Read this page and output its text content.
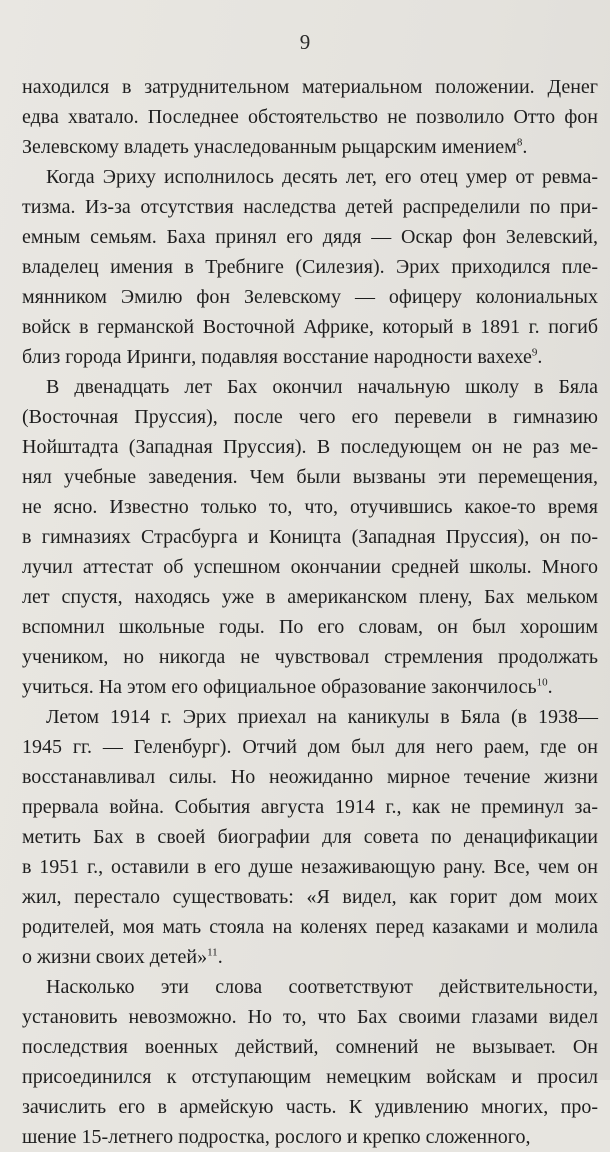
9
находился в затруднительном материальном положении. Денег
едва хватало. Последнее обстоятельство не позволило Отто фон
Зелевскому владеть унаследованным рыцарским имением$^8$.
Когда Эриху исполнилось десять лет, его отец умер от ревма-
тизма. Из-за отсутствия наследства детей распределили по при-
емным семьям. Баха принял его дядя — Оскар фон Зелевский,
владелец имения в Требниге (Силезия). Эрих приходился пле-
мянником Эмилю фон Зелевскому — офицеру колониальных
войск в германской Восточной Африке, который в 1891 г. погиб
близ города Иринги, подавляя восстание народности вахехе$^9$.
В двенадцать лет Бах окончил начальную школу в Бяла
(Восточная Пруссия), после чего его перевели в гимназию
Нойштадта (Западная Пруссия). В последующем он не раз ме-
нял учебные заведения. Чем были вызваны эти перемещения,
не ясно. Известно только то, что, отучившись какое-то время
в гимназиях Страсбурга и Коницта (Западная Пруссия), он по-
лучил аттестат об успешном окончании средней школы. Много
лет спустя, находясь уже в американском плену, Бах мельком
вспомнил школьные годы. По его словам, он был хорошим
учеником, но никогда не чувствовал стремления продолжать
учиться. На этом его официальное образование закончилось$^{10}$.
Летом 1914 г. Эрих приехал на каникулы в Бяла (в 1938—
1945 гг. — Геленбург). Отчий дом был для него раем, где он
восстанавливал силы. Но неожиданно мирное течение жизни
прервала война. События августа 1914 г., как не преминул за-
метить Бах в своей биографии для совета по денацификации
в 1951 г., оставили в его душе незаживающую рану. Все, чем он
жил, перестало существовать: «Я видел, как горит дом моих
родителей, моя мать стояла на коленях перед казаками и молила
о жизни своих детей»$^{11}$.
Насколько эти слова соответствуют действительности,
установить невозможно. Но то, что Бах своими глазами видел
последствия военных действий, сомнений не вызывает. Он
присоединился к отступающим немецким войскам и просил
зачислить его в армейскую часть. К удивлению многих, про-
шение 15-летнего подростка, рослого и крепко сложенного,
